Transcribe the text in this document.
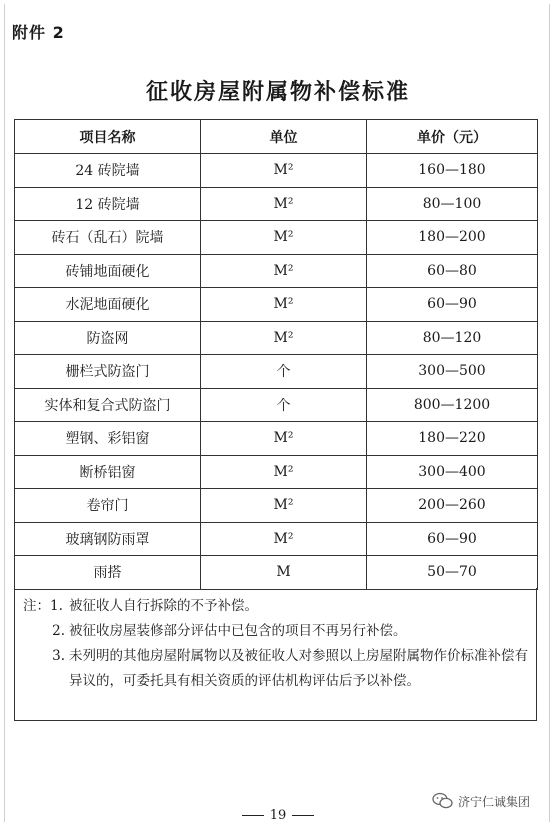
附件 2
征收房屋附属物补偿标准
项目名称	单位	单价（元）
24 砖院墙	M²	160—180
12 砖院墙	M²	80—100
砖石（乱石）院墙	M²	180—200
砖铺地面硬化	M²	60—80
水泥地面硬化	M²	60—90
防盗网	M²	80—120
栅栏式防盗门	个	300—500
实体和复合式防盗门	个	800—1200
塑钢、彩铝窗	M²	180—220
断桥铝窗	M²	300—400
卷帘门	M²	200—260
玻璃钢防雨罩	M²	60—90
雨搭	M	50—70
注：1. 被征收人自行拆除的不予补偿。
2. 被征收房屋装修部分评估中已包含的项目不再另行补偿。
3. 未列明的其他房屋附属物以及被征收人对参照以上房屋附属物作价标准补偿有异议的，可委托具有相关资质的评估机构评估后予以补偿。
济宁仁诚集团
19
